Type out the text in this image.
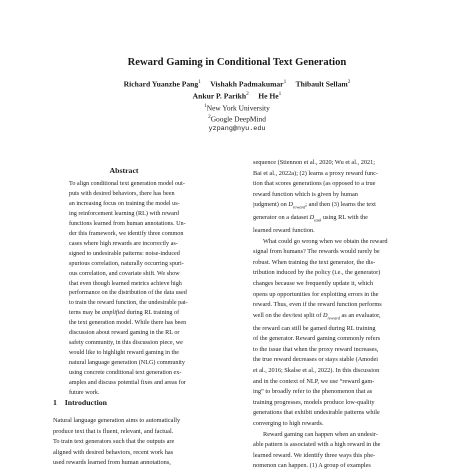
Reward Gaming in Conditional Text Generation
Richard Yuanzhe Pang$^1$ Vishakh Padmakumar$^1$ Thibault Sellam$^2$
Ankur P. Parikh$^2$ He He$^1$
$^1$New York University
$^2$Google DeepMind
yzpang@nyu.edu
Abstract
To align conditional text generation model out-
puts with desired behaviors, there has been
an increasing focus on training the model us-
ing reinforcement learning (RL) with reward
functions learned from human annotations. Un-
der this framework, we identify three common
cases where high rewards are incorrectly as-
signed to undesirable patterns: noise-induced
spurious correlation, naturally occurring spuri-
ous correlation, and covariate shift. We show
that even though learned metrics achieve high
performance on the distribution of the data used
to train the reward function, the undesirable pat-
terns may be amplified during RL training of
the text generation model. While there has been
discussion about reward gaming in the RL or
safety community, in this discussion piece, we
would like to highlight reward gaming in the
natural language generation (NLG) community
using concrete conditional text generation ex-
amples and discuss potential fixes and areas for
future work.
1 Introduction
Natural language generation aims to automatically
produce text that is fluent, relevant, and factual.
To train text generators such that the outputs are
aligned with desired behaviors, recent work has
used rewards learned from human annotations,
sequence (Stiennon et al., 2020; Wu et al., 2021;
Bai et al., 2022a); (2) learns a proxy reward func-
tion that scores generations (as opposed to a true
reward function which is given by human
judgment) on $D_{reward}$; and then (3) learns the text
generator on a dataset $D_{task}$ using RL with the
learned reward function.
What could go wrong when we obtain the reward
signal from humans? The rewards would rarely be
robust. When training the text generator, the dis-
tribution induced by the policy (i.e., the generator)
changes because we frequently update it, which
opens up opportunities for exploiting errors in the
reward. Thus, even if the reward function performs
well on the dev/test split of $D_{reward}$ as an evaluator,
the reward can still be gamed during RL training
of the generator. Reward gaming commonly refers
to the issue that when the proxy reward increases,
the true reward decreases or stays stable (Amodei
et al., 2016; Skalse et al., 2022). In this discussion
and in the context of NLP, we use “reward gam-
ing” to broadly refer to the phenomenon that as
training progresses, models produce low-quality
generations that exhibit undesirable patterns while
converging to high rewards.
Reward gaming can happen when an undesir-
able pattern is associated with a high reward in the
learned reward. We identify three ways this phe-
nomenon can happen. (1) A group of examples
